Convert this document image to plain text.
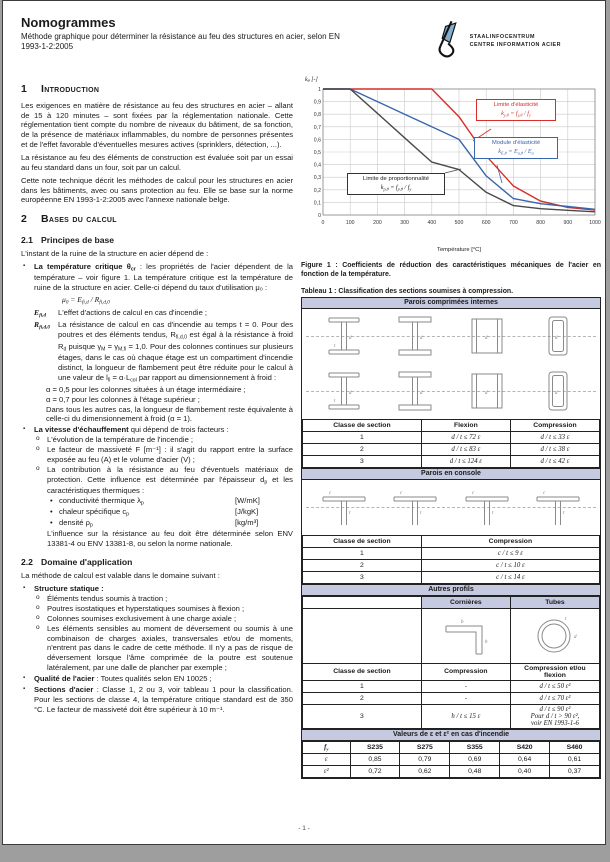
Nomogrammes

Méthode graphique pour déterminer la résistance au feu des structures en acier, selon EN 1993-1-2:2005

STAALINFOCENTRUM
CENTRE INFORMATION ACIER
1	Introduction

Les exigences en matière de résistance au feu des structures en acier – allant de 15 à 120 minutes – sont fixées par la réglementation nationale. Cette réglementation tient compte du nombre de niveaux du bâtiment, de sa fonction, de la présence de matériaux inflammables, du nombre de personnes présentes et de l'effet favorable d'éventuelles mesures actives (sprinklers, détection, ...).

La résistance au feu des éléments de construction est évaluée soit par un essai au feu standard dans un four, soit par un calcul.

Cette note technique décrit les méthodes de calcul pour les structures en acier dans les bâtiments, avec ou sans protection au feu. Elle se base sur la norme européenne EN 1993-1-2:2005 avec l'annexe nationale belge.

2	Bases du calcul
2.1 Principes de base

L'instant de la ruine de la structure en acier dépend de :

▪ La température critique $\theta_{cr}$ : les propriétés de l'acier dépendent de la température – voir figure 1. La température critique est la température de ruine de la structure en acier. Celle-ci dépend du taux d'utilisation μ₀ :
$\mu_0 = E_{fi,d} / R_{fi,d,0}$
$E_{fi,d}$	L'effet d'actions de calcul en cas d'incendie ;
$R_{fi,d,0}$	La résistance de calcul en cas d'incendie au temps t = 0. Pour des poutres et des éléments tendus, $R_{fi,d,0}$ est égal à la résistance à froid $R_d$ puisque $\gamma_M = \gamma_{M,fi} = 1,0$. Pour des colonnes continues sur plusieurs étages, dans le cas où chaque étage est un compartiment d'incendie distinct, la longueur de flambement peut être réduite pour le calcul à une valeur de $l_{fi} = \alpha\cdot L_{col}$ par rapport au dimensionnement à froid :
α = 0,5 pour les colonnes situées à un étage intermédiaire ;
α = 0,7 pour les colonnes à l'étage supérieur ;
Dans tous les autres cas, la longueur de flambement reste équivalente à celle-ci du dimensionnement à froid (α = 1).
▪ La vitesse d'échauffement qui dépend de trois facteurs :
o L'évolution de la température de l'incendie ;
o Le facteur de massiveté F [m⁻¹] : il s'agit du rapport entre la surface exposée au feu (A) et le volume d'acier (V) ;
o La contribution à la résistance au feu d'éventuels matériaux de protection. Cette influence est déterminée par l'épaisseur $d_p$ et les caractéristiques thermiques :
• conductivité thermique $\lambda_p$	[W/mK]
• chaleur spécifique $c_p$	[J/kgK]
• densité $\rho_p$	[kg/m³]
L'influence sur la résistance au feu doit être déterminée selon ENV 13381-4 ou ENV 13381-8, ou selon la norme nationale.
2.2 Domaine d'application

La méthode de calcul est valable dans le domaine suivant :

▪ Structure statique :
o Éléments tendus soumis à traction ;
o Poutres isostatiques et hyperstatiques soumises à flexion ;
o Colonnes soumises exclusivement à une charge axiale ;
o Les éléments sensibles au moment de déversement ou soumis à une combinaison de charges axiales, transversales et/ou de moments, n'entrent pas dans le cadre de cette méthode. Il n'y a pas de risque de déversement lorsque l'âme comprimée de la poutre est soutenue latéralement, par une dalle de plancher par exemple ;
▪ Qualité de l'acier : Toutes qualités selon EN 10025 ;
▪ Sections d'acier : Classe 1, 2 ou 3, voir tableau 1 pour la classification. Pour les sections de classe 4, la température critique standard est de 350 °C. Le facteur de massiveté doit être supérieur à 10 m⁻¹.
$k_\theta$ [-]
0
0,1
0,2
0,3
0,4
0,5
0,6
0,7
0,8
0,9
1
0	100	200	300	400	500	600	700	800	900	1000
Température [°C]
Limite d'élasticité
$k_{y,\theta} = f_{y,\theta} / f_y$
Module d'élasticité
$k_{E,\theta} = E_{a,\theta} / E_a$
Limite de proportionnalité
$k_{p,\theta} = f_{p,\theta} / f_y$

Figure 1 : Coefficients de réduction des caractéristiques mécaniques de l'acier en fonction de la température.

Tableau 1 : Classification des sections soumises à compression.

Parois comprimées internes
Classe de section	Flexion	Compression
1	d / t ≤ 72 ε	d / t ≤ 33 ε
2	d / t ≤ 83 ε	d / t ≤ 38 ε
3	d / t ≤ 124 ε	d / t ≤ 42 ε
Parois en console
Classe de section	Compression
1	c / t ≤ 9 ε
2	c / t ≤ 10 ε
3	c / t ≤ 14 ε
Autres profils
	Cornières	Tubes

Classe de section	Compression	Compression et/ou flexion
1	-	d / t ≤ 50 ε²
2	-	d / t ≤ 70 ε²
3	h / t ≤ 15 ε	d / t ≤ 90 ε²
Pour d / t > 90 ε²,
voir EN 1993-1-6
Valeurs de ε et ε² en cas d'incendie
$f_y$	S235	S275	S355	S420	S460
ε	0,85	0,79	0,69	0,64	0,61
ε²	0,72	0,62	0,48	0,40	0,37
- 1 -
